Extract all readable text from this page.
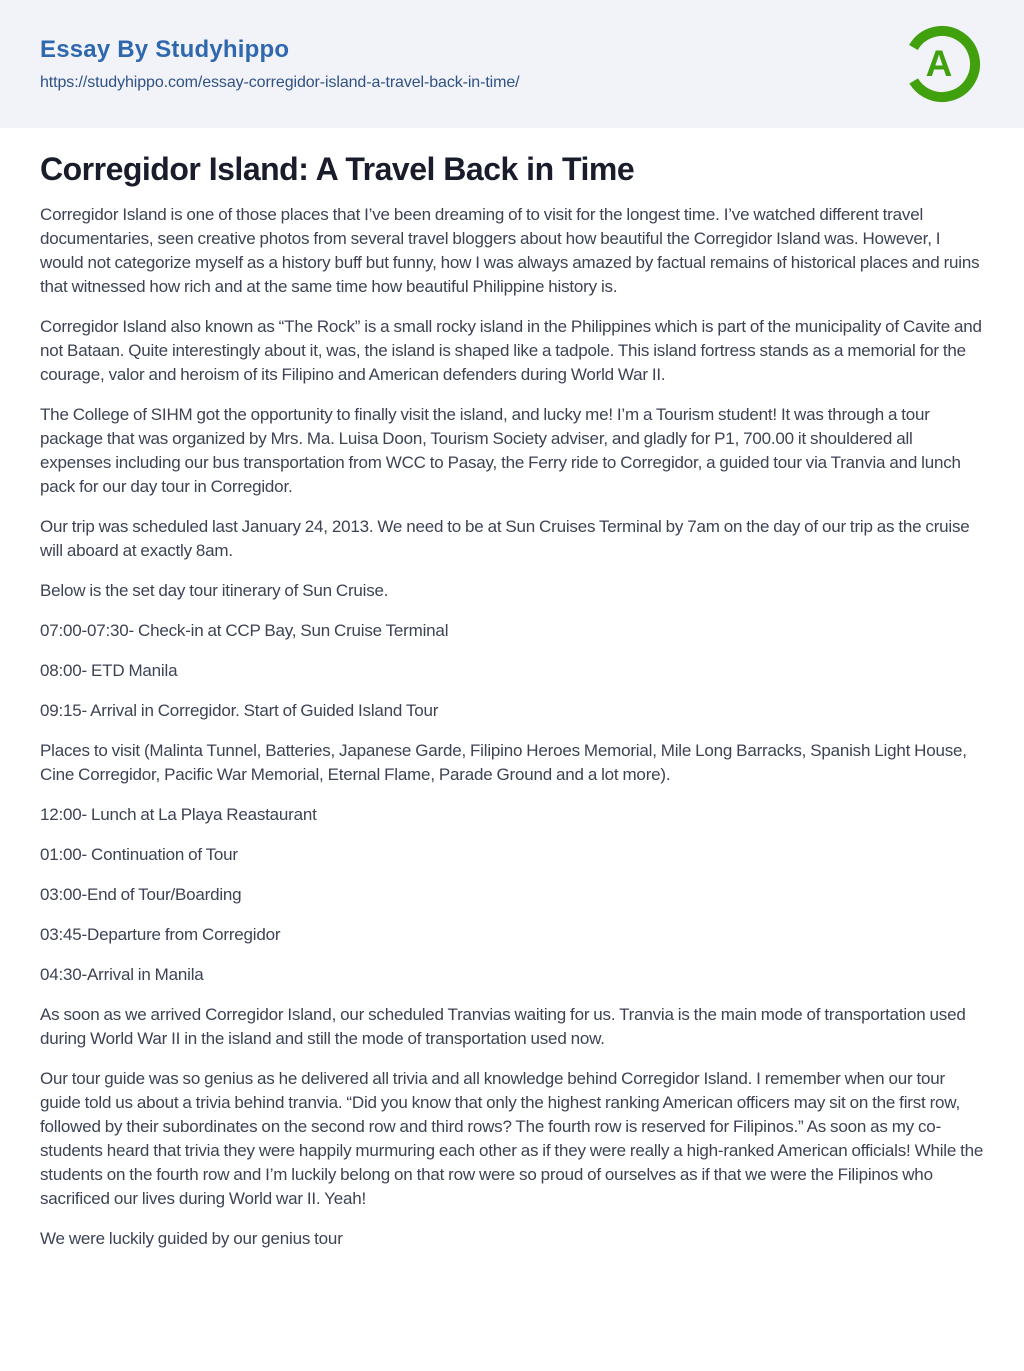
Essay By Studyhippo
https://studyhippo.com/essay-corregidor-island-a-travel-back-in-time/	A
Corregidor Island: A Travel Back in Time

Corregidor Island is one of those places that I’ve been dreaming of to visit for the longest time. I’ve watched different travel documentaries, seen creative photos from several travel bloggers about how beautiful the Corregidor Island was. However, I would not categorize myself as a history buff but funny, how I was always amazed by factual remains of historical places and ruins that witnessed how rich and at the same time how beautiful Philippine history is.

Corregidor Island also known as “The Rock” is a small rocky island in the Philippines which is part of the municipality of Cavite and not Bataan. Quite interestingly about it, was, the island is shaped like a tadpole. This island fortress stands as a memorial for the courage, valor and heroism of its Filipino and American defenders during World War II.

The College of SIHM got the opportunity to finally visit the island, and lucky me! I’m a Tourism student! It was through a tour package that was organized by Mrs. Ma. Luisa Doon, Tourism Society adviser, and gladly for P1, 700.00 it shouldered all expenses including our bus transportation from WCC to Pasay, the Ferry ride to Corregidor, a guided tour via Tranvia and lunch pack for our day tour in Corregidor.

Our trip was scheduled last January 24, 2013. We need to be at Sun Cruises Terminal by 7am on the day of our trip as the cruise will aboard at exactly 8am.

Below is the set day tour itinerary of Sun Cruise.

07:00-07:30- Check-in at CCP Bay, Sun Cruise Terminal

08:00- ETD Manila

09:15- Arrival in Corregidor. Start of Guided Island Tour

Places to visit (Malinta Tunnel, Batteries, Japanese Garde, Filipino Heroes Memorial, Mile Long Barracks, Spanish Light House, Cine Corregidor, Pacific War Memorial, Eternal Flame, Parade Ground and a lot more).

12:00- Lunch at La Playa Reastaurant

01:00- Continuation of Tour

03:00-End of Tour/Boarding

03:45-Departure from Corregidor

04:30-Arrival in Manila

As soon as we arrived Corregidor Island, our scheduled Tranvias waiting for us. Tranvia is the main mode of transportation used during World War II in the island and still the mode of transportation used now.

Our tour guide was so genius as he delivered all trivia and all knowledge behind Corregidor Island. I remember when our tour guide told us about a trivia behind tranvia. “Did you know that only the highest ranking American officers may sit on the first row, followed by their subordinates on the second row and third rows? The fourth row is reserved for Filipinos.” As soon as my co-students heard that trivia they were happily murmuring each other as if they were really a high-ranked American officials! While the students on the fourth row and I’m luckily belong on that row were so proud of ourselves as if that we were the Filipinos who sacrificed our lives during World war II. Yeah!

We were luckily guided by our genius tour
